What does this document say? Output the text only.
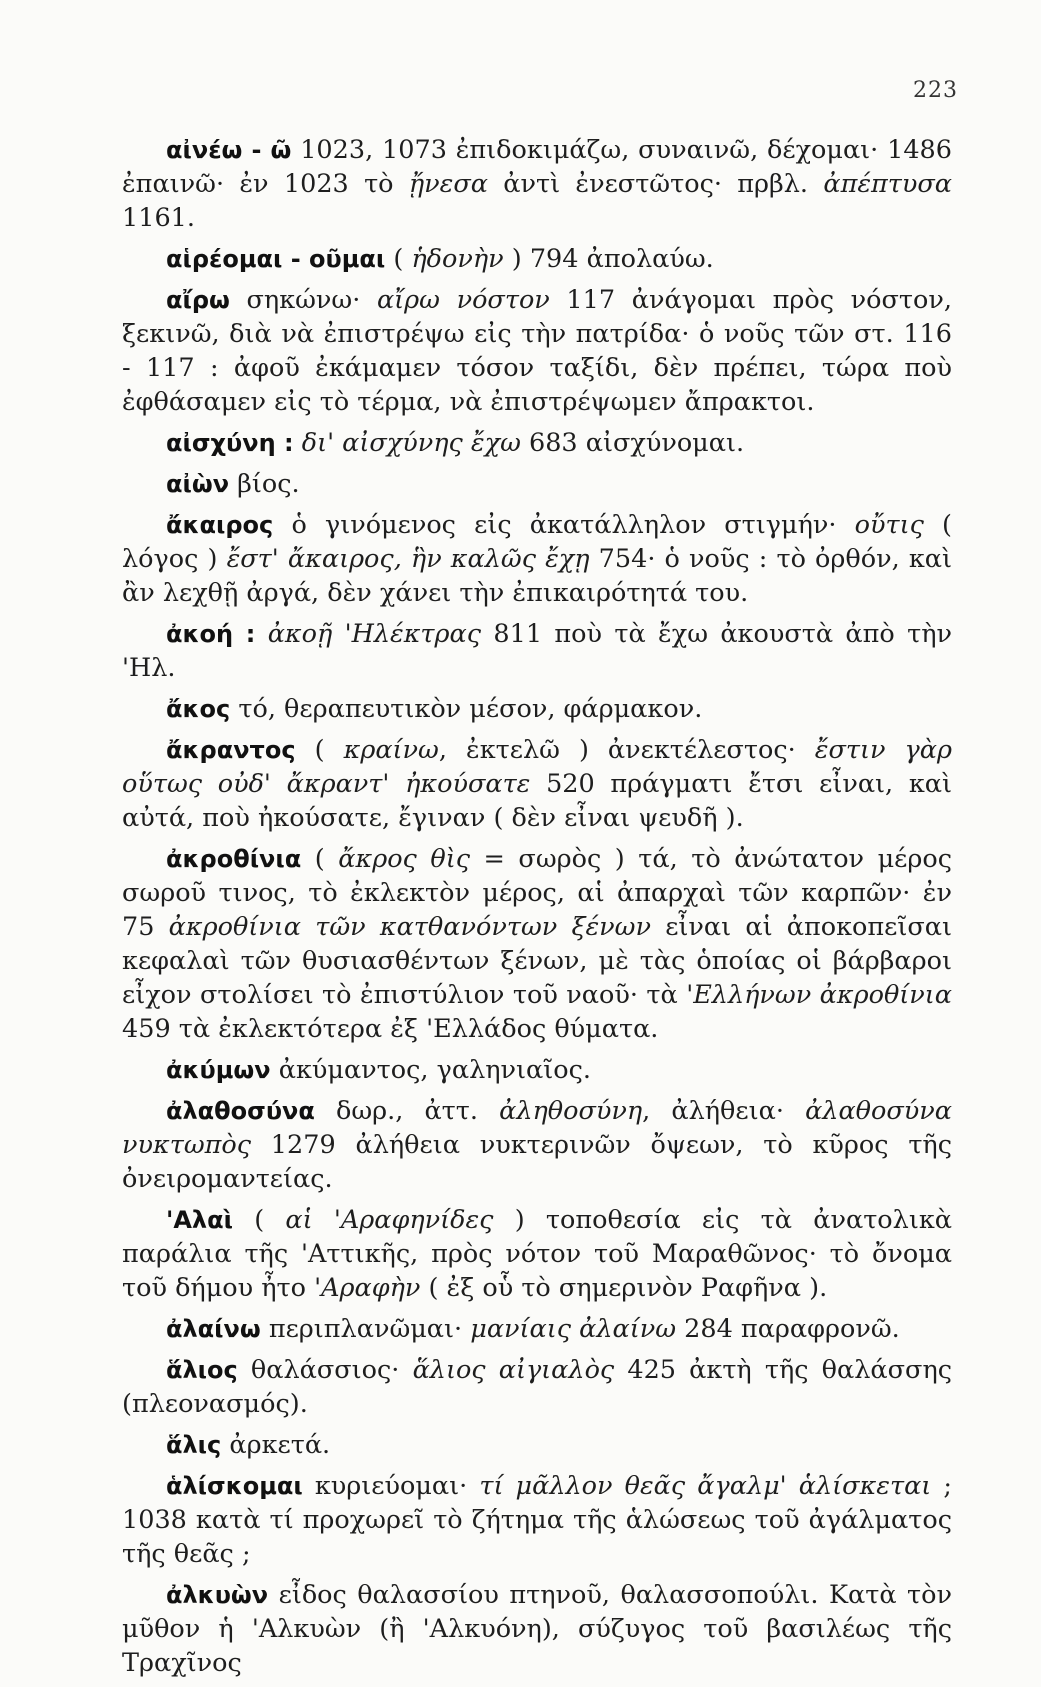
223

αἰνέω - ῶ 1023, 1073 ἐπιδοκιμάζω, συναινῶ, δέχομαι· 1486 ἐπαινῶ· ἐν 1023 τὸ ᾔνεσα ἀντὶ ἐνεστῶτος· πρβλ. ἀπέπτυσα 1161.

αἱρέομαι - οῦμαι ( ἡδονὴν ) 794 ἀπολαύω.

αἴρω σηκώνω· αἴρω νόστον 117 ἀνάγομαι πρὸς νόστον, ξεκινῶ, διὰ νὰ ἐπιστρέψω εἰς τὴν πατρίδα· ὁ νοῦς τῶν στ. 116 - 117 : ἀφοῦ ἐκάμαμεν τόσον ταξίδι, δὲν πρέπει, τώρα ποὺ ἐφθάσαμεν εἰς τὸ τέρμα, νὰ ἐπιστρέψωμεν ἄπρακτοι.

αἰσχύνη : δι' αἰσχύνης ἔχω 683 αἰσχύνομαι.

αἰὼν βίος.

ἄκαιρος ὁ γινόμενος εἰς ἀκατάλληλον στιγμήν· οὔτις ( λόγος ) ἔστ' ἄκαιρος, ἣν καλῶς ἔχῃ 754· ὁ νοῦς : τὸ ὀρθόν, καὶ ἂν λεχθῇ ἀργά, δὲν χάνει τὴν ἐπικαιρότητά του.

ἀκοή : ἀκοῇ 'Ηλέκτρας 811 ποὺ τὰ ἔχω ἀκουστὰ ἀπὸ τὴν 'Ηλ.

ἄκος τό, θεραπευτικὸν μέσον, φάρμακον.

ἄκραντος ( κραίνω, ἐκτελῶ ) ἀνεκτέλεστος· ἔστιν γὰρ οὕτως οὐδ' ἄκραντ' ἠκούσατε 520 πράγματι ἔτσι εἶναι, καὶ αὐτά, ποὺ ἠκούσατε, ἔγιναν ( δὲν εἶναι ψευδῆ ).

ἀκροθίνια ( ἄκρος θὶς = σωρὸς ) τά, τὸ ἀνώτατον μέρος σωροῦ τινος, τὸ ἐκλεκτὸν μέρος, αἱ ἀπαρχαὶ τῶν καρπῶν· ἐν 75 ἀκροθίνια τῶν κατθανόντων ξένων εἶναι αἱ ἀποκοπεῖσαι κεφαλαὶ τῶν θυσιασθέντων ξένων, μὲ τὰς ὁποίας οἱ βάρβαροι εἶχον στολίσει τὸ ἐπιστύλιον τοῦ ναοῦ· τὰ 'Ελλήνων ἀκροθίνια 459 τὰ ἐκλεκτότερα ἐξ 'Ελλάδος θύματα.

ἀκύμων ἀκύμαντος, γαληνιαῖος.

ἀλαθοσύνα δωρ., ἀττ. ἀληθοσύνη, ἀλήθεια· ἀλαθοσύνα νυκτωπὸς 1279 ἀλήθεια νυκτερινῶν ὄψεων, τὸ κῦρος τῆς ὀνειρομαντείας.

'Αλαὶ ( αἱ 'Αραφηνίδες ) τοποθεσία εἰς τὰ ἀνατολικὰ παράλια τῆς 'Αττικῆς, πρὸς νότον τοῦ Μαραθῶνος· τὸ ὄνομα τοῦ δήμου ἦτο 'Αραφὴν ( ἐξ οὗ τὸ σημερινὸν Ραφῆνα ).

ἀλαίνω περιπλανῶμαι· μανίαις ἀλαίνω 284 παραφρονῶ.

ἅλιος θαλάσσιος· ἅλιος αἰγιαλὸς 425 ἀκτὴ τῆς θαλάσσης (πλεονασμός).

ἅλις ἀρκετά.

ἁλίσκομαι κυριεύομαι· τί μᾶλλον θεᾶς ἄγαλμ' ἁλίσκεται ; 1038 κατὰ τί προχωρεῖ τὸ ζήτημα τῆς ἁλώσεως τοῦ ἀγάλματος τῆς θεᾶς ;

ἀλκυὼν εἶδος θαλασσίου πτηνοῦ, θαλασσοπούλι. Κατὰ τὸν μῦθον ἡ 'Αλκυὼν (ἢ 'Αλκυόνη), σύζυγος τοῦ βασιλέως τῆς Τραχῖνος
